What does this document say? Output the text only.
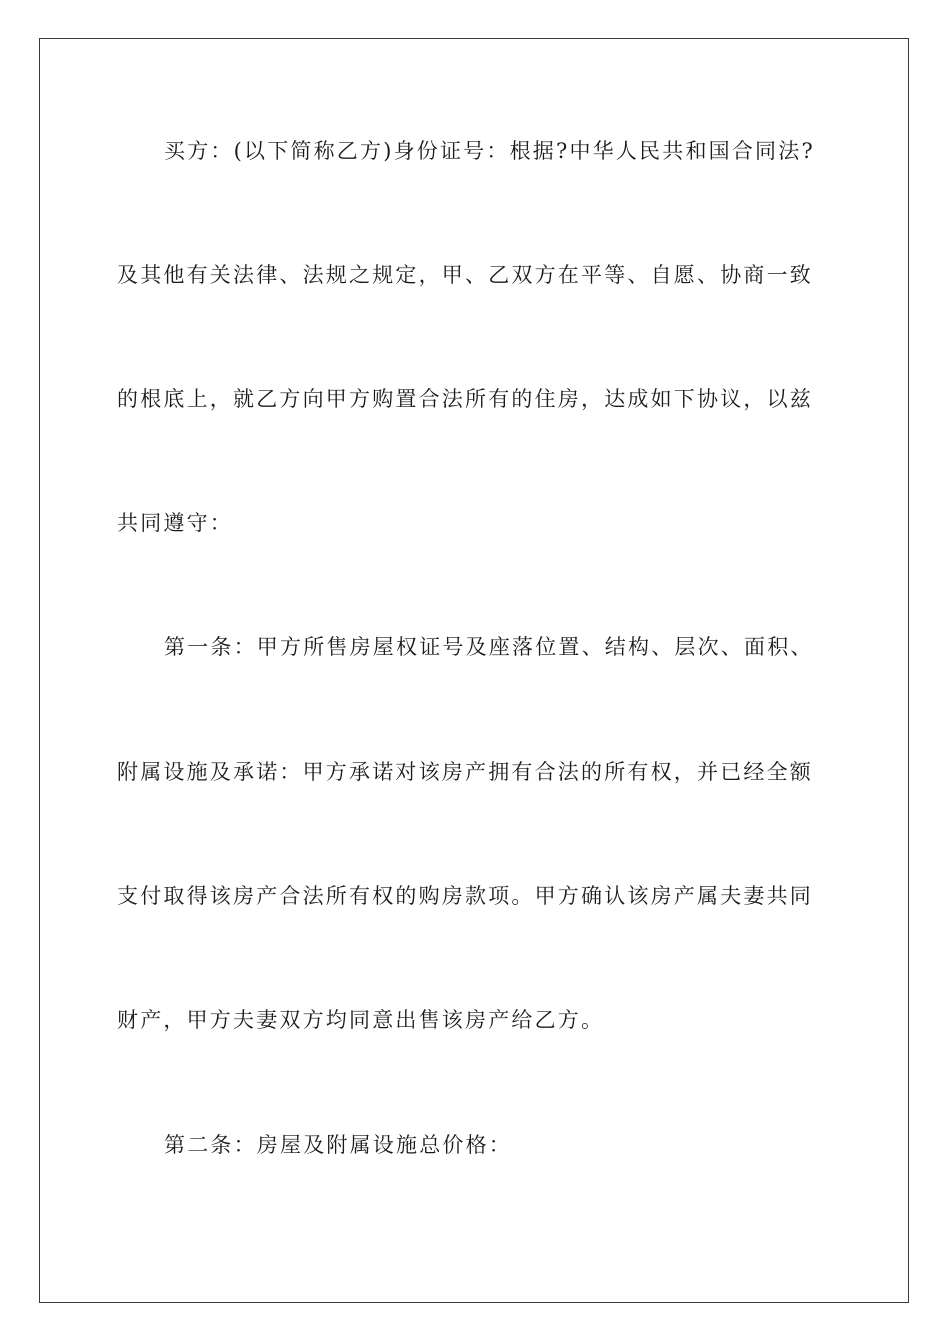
买方：(以下简称乙方)身份证号：根据?中华人民共和国合同法?
及其他有关法律、法规之规定，甲、乙双方在平等、自愿、协商一致
的根底上，就乙方向甲方购置合法所有的住房，达成如下协议，以兹
共同遵守：
第一条：甲方所售房屋权证号及座落位置、结构、层次、面积、
附属设施及承诺：甲方承诺对该房产拥有合法的所有权，并已经全额
支付取得该房产合法所有权的购房款项。甲方确认该房产属夫妻共同
财产，甲方夫妻双方均同意出售该房产给乙方。
第二条：房屋及附属设施总价格：
